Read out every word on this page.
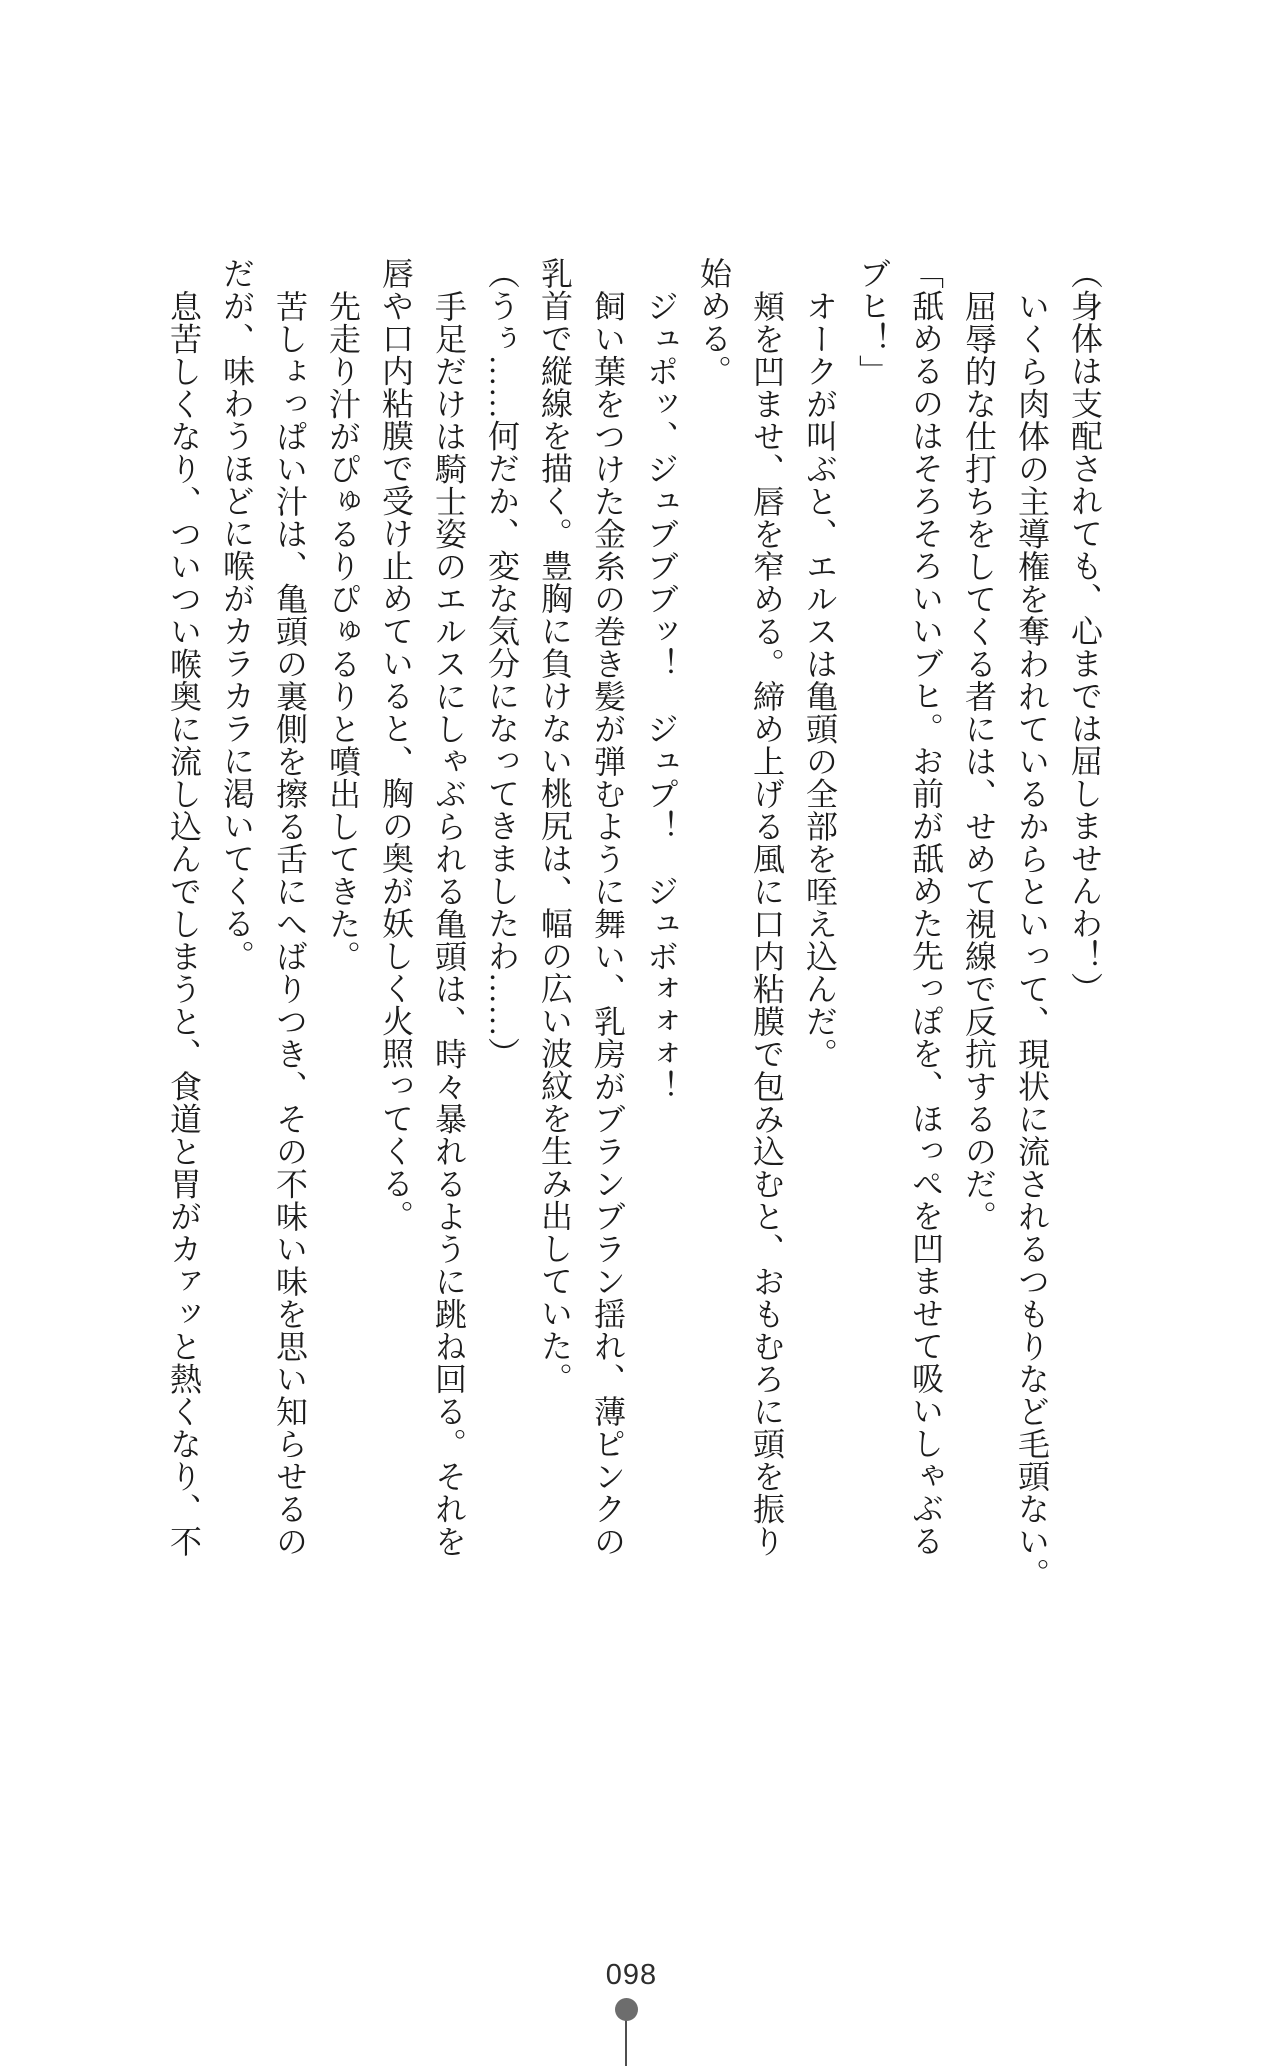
（身体は支配されても、心までは屈しませんわ！）

いくら肉体の主導権を奪われているからといって、現状に流されるつもりなど毛頭ない。

屈辱的な仕打ちをしてくる者には、せめて視線で反抗するのだ。

「舐めるのはそろそろいいブヒ。お前が舐めた先っぽを、ほっぺを凹ませて吸いしゃぶる

ブヒ！」

オークが叫ぶと、エルスは亀頭の全部を咥え込んだ。

頬を凹ませ、唇を窄める。締め上げる風に口内粘膜で包み込むと、おもむろに頭を振り

始める。

ジュポッ、ジュブブブッ！　ジュプ！　ジュボォォォ！

飼い葉をつけた金糸の巻き髪が弾むように舞い、乳房がブランブラン揺れ、薄ピンクの

乳首で縦線を描く。豊胸に負けない桃尻は、幅の広い波紋を生み出していた。

（うぅ……何だか、変な気分になってきましたわ……）

手足だけは騎士姿のエルスにしゃぶられる亀頭は、時々暴れるように跳ね回る。それを

唇や口内粘膜で受け止めていると、胸の奥が妖しく火照ってくる。

先走り汁がぴゅるりぴゅるりと噴出してきた。

苦しょっぱい汁は、亀頭の裏側を擦る舌にへばりつき、その不味い味を思い知らせるの

だが、味わうほどに喉がカラカラに渇いてくる。

息苦しくなり、ついつい喉奥に流し込んでしまうと、食道と胃がカァッと熱くなり、不

098
